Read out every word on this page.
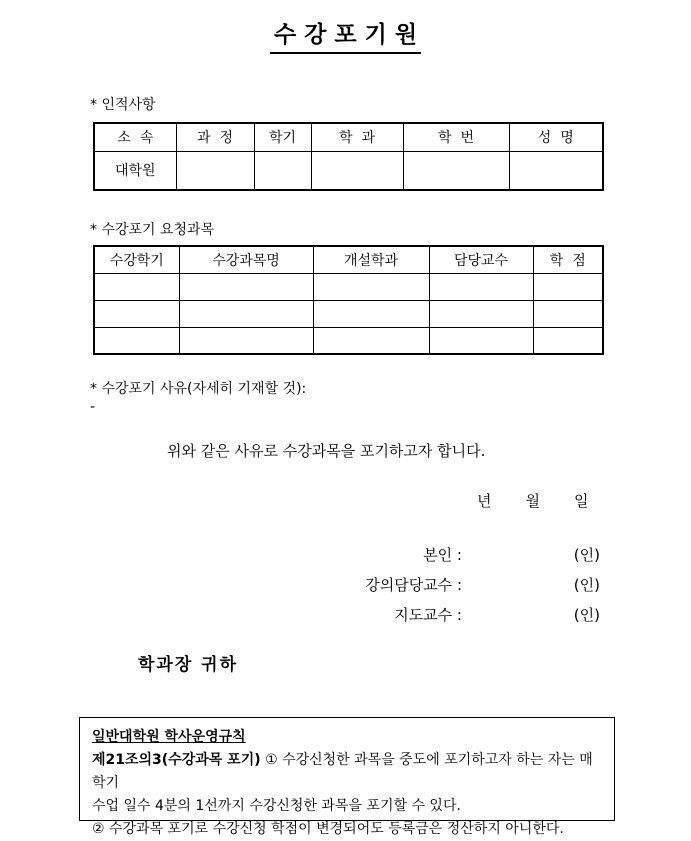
수 강 포 기 원
* 인적사항
소  속	과  정	학기	학  과	학  번	성  명
대학원					
* 수강포기 요청과목
수강학기	수강과목명	개설학과	담당교수	학  점

* 수강포기 사유(자세히 기재할 것):
-
위와 같은 사유로 수강과목을 포기하고자 합니다.
년 월 일
본인 :	(인)
강의담당교수 :	(인)
지도교수 :	(인)
학과장 귀하
일반대학원 학사운영규칙
제21조의3(수강과목 포기) ① 수강신청한 과목을 중도에 포기하고자 하는 자는 매 학기
수업 일수 4분의 1선까지 수강신청한 과목을 포기할 수 있다.
② 수강과목 포기로 수강신청 학점이 변경되어도 등록금은 정산하지 아니한다.
